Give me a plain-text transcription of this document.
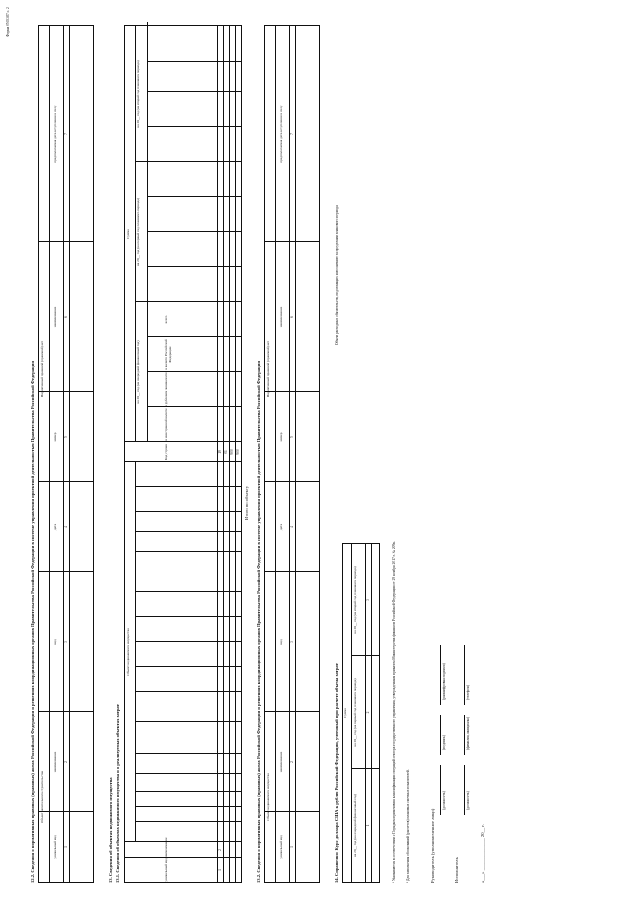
Форма 0503387 с. 2
12.2. Сведения о нормативных правовых (правовых) актах Российской Федерации и решениях координационных органов Правительства Российской Федерации в системе управления проектной деятельностью Правительства Российской Федерации Объект капитального строительства
Нормативный правовой (правовой) акт
уникальный код
наименование
вид
дата
номер
наименование
предполагаемая дата вступления в силу
1
2
3
4
5
6
7
13. Сведения об объектах недвижимого имущества 13.1. Сведения об объектах недвижимого имущества и о реализуемых объектах затрат
Объект недвижимого имущества
Сумма
уникальный код
наименование
Код строки
на 20__ год (на очередной финансовый год)
на 20__ год (на первый год планового периода)
на 20__ год (на второй год планового периода)
в иностранной валюте
в рублевом эквиваленте
в валюте Российской Федерации
всего
1
2
19 01 900 900
Итого по объекту 13.2. Сведения о нормативных правовых (правовых) актах Российской Федерации и решениях координационных органов Правительства Российской Федерации в системе управления проектной деятельностью Правительства Российской Федерации Объект недвижимого имущества
Нормативный правовой (правовой) акт
уникальный код
наименование
вид
дата
номер
наименование
предполагаемая дата вступления в силу
1
2
3
4
5
6
7
14. Справочно: Курс доллара США к рублю Российской Федерации, учтенный при расчете объема затрат Сумма
на 20__ год (на очередной финансовый год)
на 20__ год (на первый год планового периода)
на 20__ год (на второй год планового периода)
1
2
3
Объем расходных обязательств, подлежащих исполнению за пределами планового периода
¹ Указываются в соответствии с Порядком применения классификации операций сектора государственного управления, утвержденным приказом Министерства финансов Российской Федерации от 29 ноября 2017 г. № 209н.	² Для заполнения обоснований (расчетов) плановых сметных показателей.	Руководитель (уполномоченное лицо)
(должность)
(подпись)
(расшифровка подписи)
Исполнитель
(должность)
(фамилия, инициалы)
(телефон)
«___» ______________ 20__ г.
